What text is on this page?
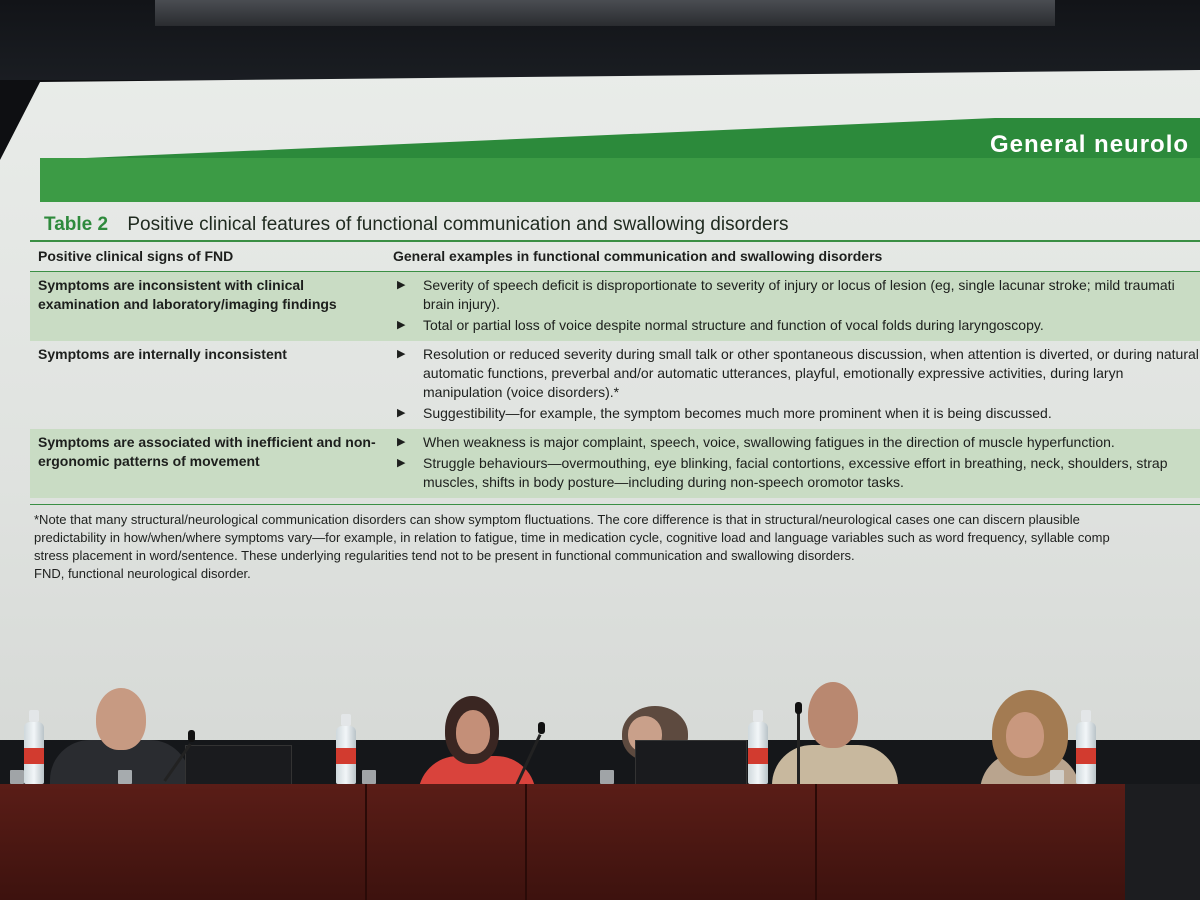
General neurolo
Table 2 Positive clinical features of functional communication and swallowing disorders
Positive clinical signs of FND	General examples in functional communication and swallowing disorders
Symptoms are inconsistent with clinical examination and laboratory/imaging findings
▶	Severity of speech deficit is disproportionate to severity of injury or locus of lesion (eg, single lacunar stroke; mild traumati brain injury).
▶	Total or partial loss of voice despite normal structure and function of vocal folds during laryngoscopy.
Symptoms are internally inconsistent	▶	Resolution or reduced severity during small talk or other spontaneous discussion, when attention is diverted, or during natural automatic functions, preverbal and/or automatic utterances, playful, emotionally expressive activities, during laryn manipulation (voice disorders).*
▶	Suggestibility—for example, the symptom becomes much more prominent when it is being discussed.
Symptoms are associated with inefficient and non-ergonomic patterns of movement
▶	When weakness is major complaint, speech, voice, swallowing fatigues in the direction of muscle hyperfunction.
▶	Struggle behaviours—overmouthing, eye blinking, facial contortions, excessive effort in breathing, neck, shoulders, strap muscles, shifts in body posture—including during non-speech oromotor tasks.

*Note that many structural/neurological communication disorders can show symptom fluctuations. The core difference is that in structural/neurological cases one can discern plausible

predictability in how/when/where symptoms vary—for example, in relation to fatigue, time in medication cycle, cognitive load and language variables such as word frequency, syllable comp

stress placement in word/sentence. These underlying regularities tend not to be present in functional communication and swallowing disorders.

FND, functional neurological disorder.
